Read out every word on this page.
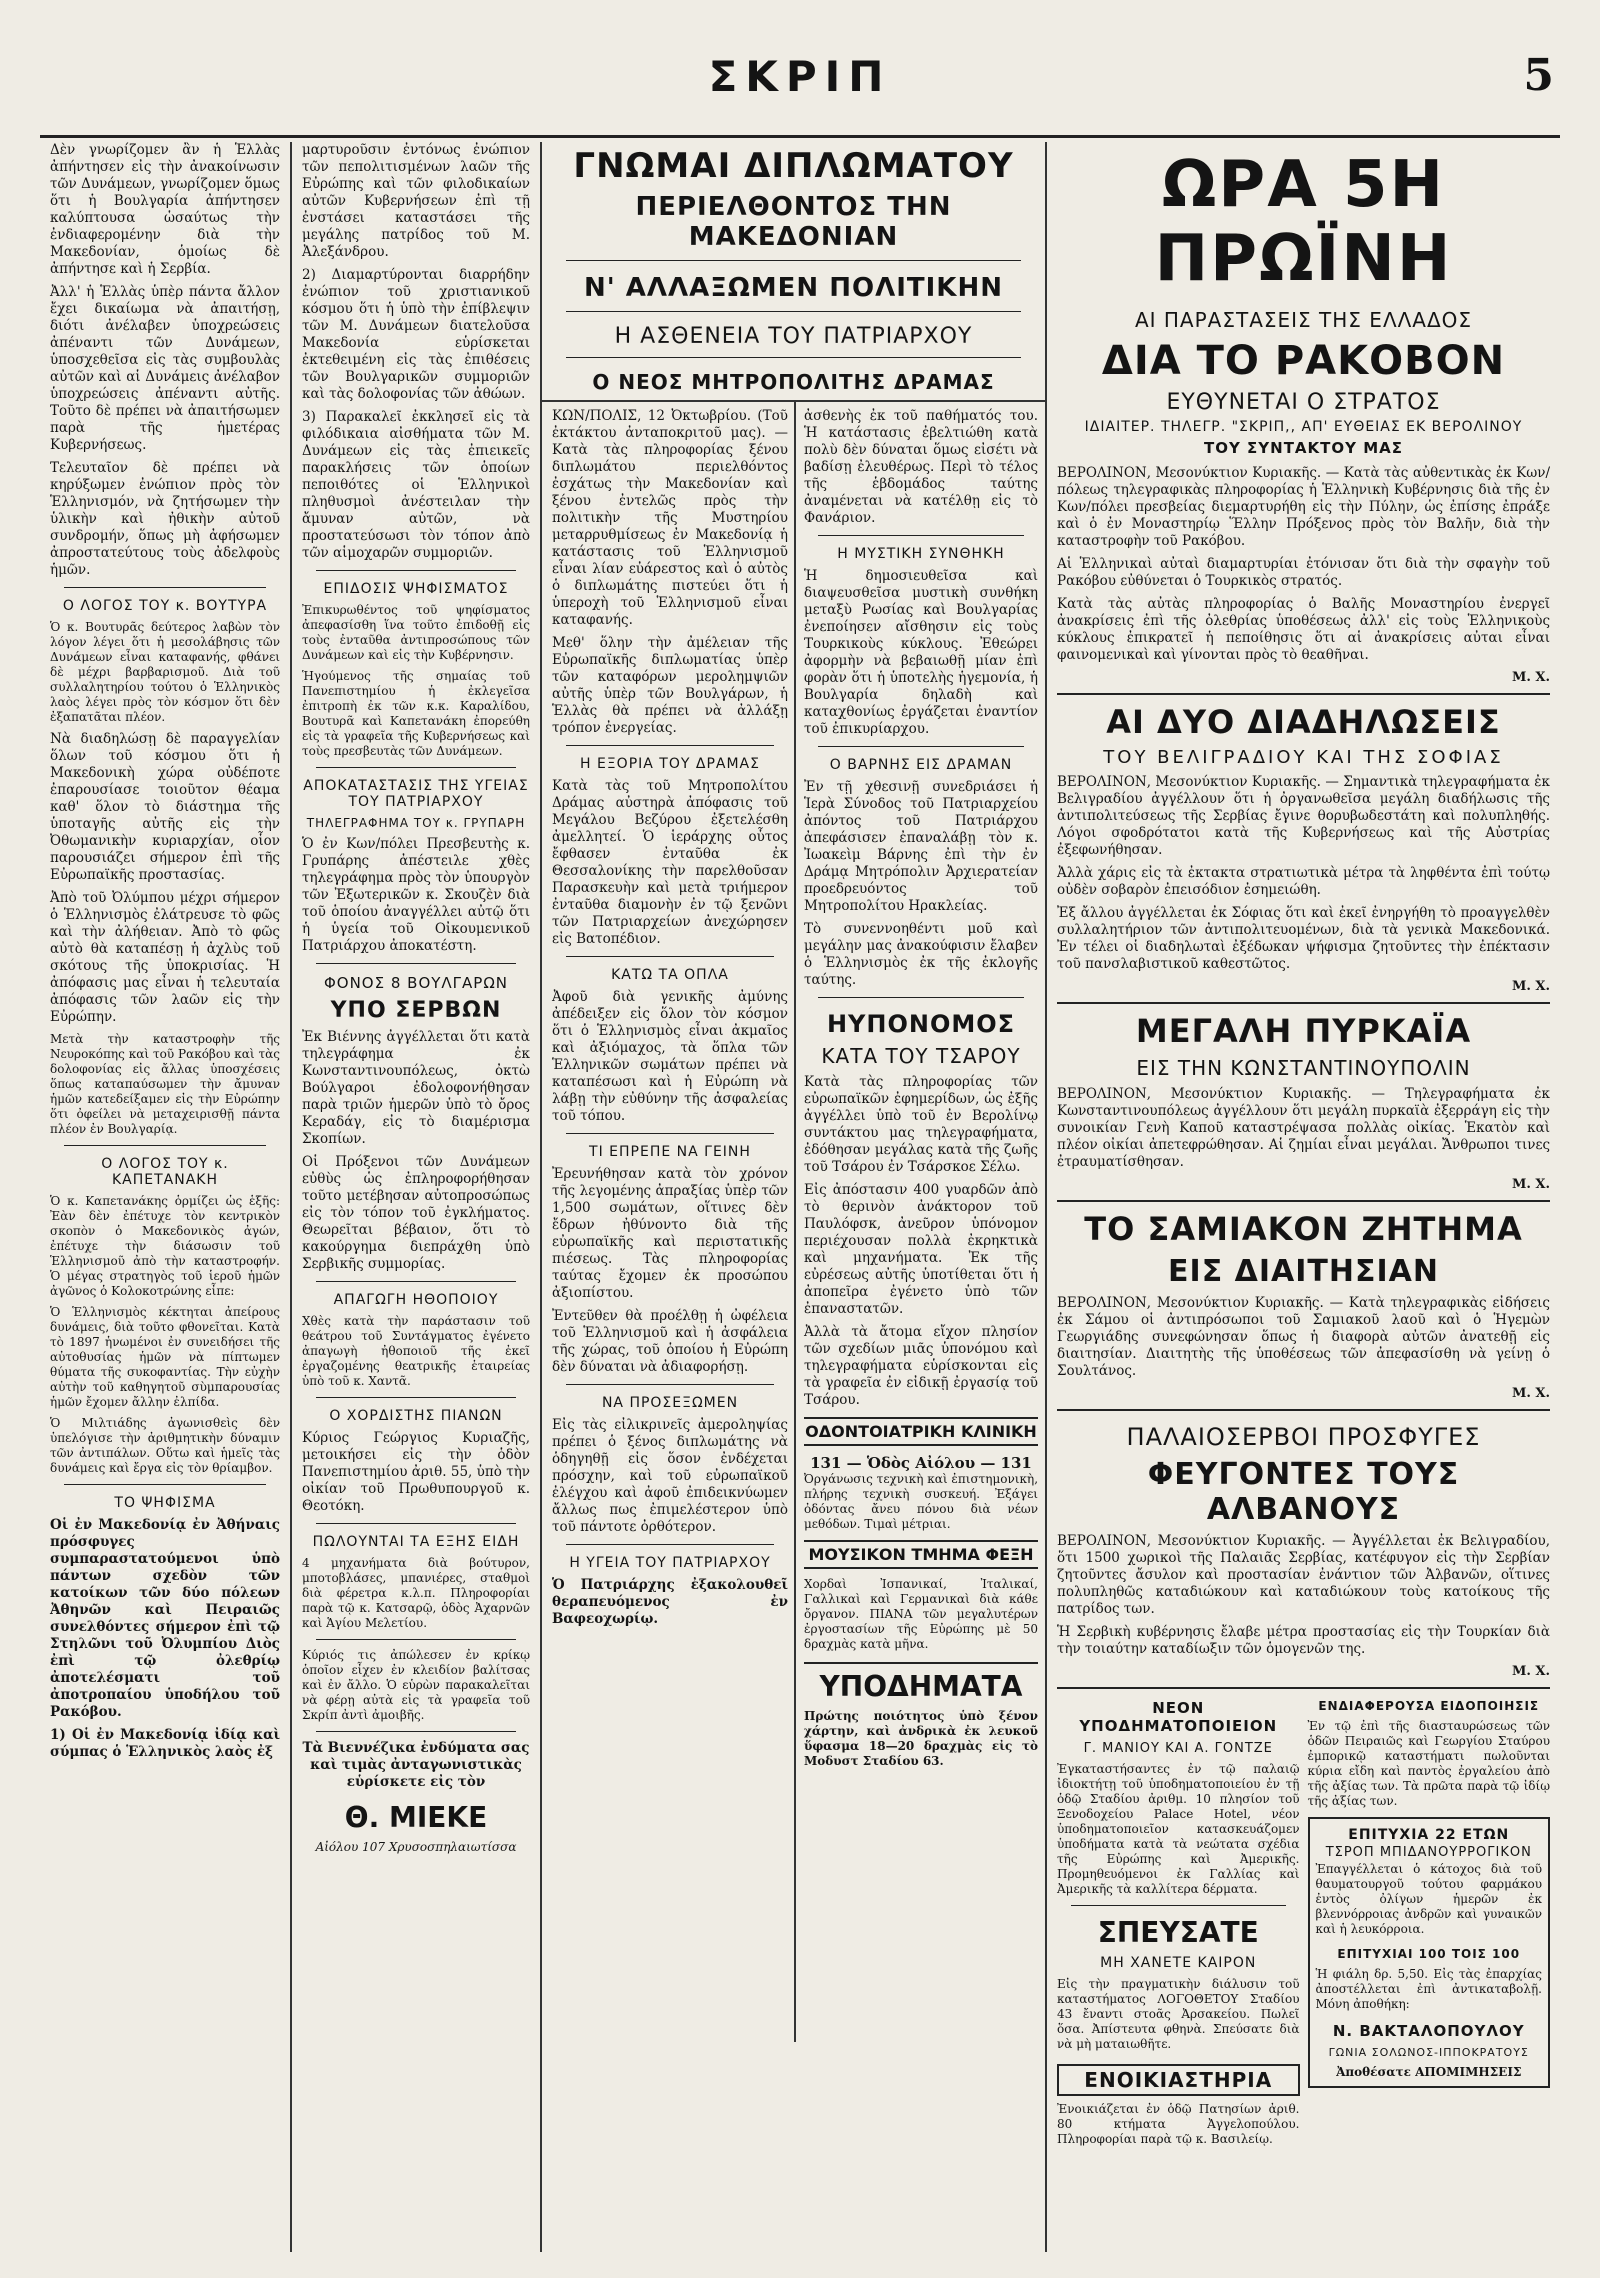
ΣΚΡΙΠ	5

Δὲν γνωρίζομεν ἂν ἡ Ἑλλὰς ἀπήντησεν εἰς τὴν ἀνακοίνωσιν τῶν Δυνάμεων, γνωρίζομεν ὅμως ὅτι ἡ Βουλγαρία ἀπήντησεν καλύπτουσα ὡσαύτως τὴν ἐνδιαφερομένην διὰ τὴν Μακεδονίαν, ὁμοίως δὲ ἀπήντησε καὶ ἡ Σερβία.

Ἀλλ' ἡ Ἑλλὰς ὑπὲρ πάντα ἄλλον ἔχει δικαίωμα νὰ ἀπαιτήσῃ, διότι ἀνέλαβεν ὑποχρεώσεις ἀπέναντι τῶν Δυνάμεων, ὑποσχεθεῖσα εἰς τὰς συμβουλὰς αὐτῶν καὶ αἱ Δυνάμεις ἀνέλαβον ὑποχρεώσεις ἀπέναντι αὐτῆς. Τοῦτο δὲ πρέπει νὰ ἀπαιτήσωμεν παρὰ τῆς ἡμετέρας Κυβερνήσεως.

Τελευταῖον δὲ πρέπει νὰ κηρύξωμεν ἐνώπιον πρὸς τὸν Ἑλληνισμόν, νὰ ζητήσωμεν τὴν ὑλικὴν καὶ ἠθικὴν αὐτοῦ συνδρομήν, ὅπως μὴ ἀφήσωμεν ἀπροστατεύτους τοὺς ἀδελφοὺς ἡμῶν.

Ο ΛΟΓΟΣ ΤΟΥ κ. ΒΟΥΤΥΡΑ

Ὁ κ. Βουτυρᾶς δεύτερος λαβὼν τὸν λόγον λέγει ὅτι ἡ μεσολάβησις τῶν Δυνάμεων εἶναι καταφανής, φθάνει δὲ μέχρι βαρβαρισμοῦ. Διὰ τοῦ συλλαλητηρίου τούτου ὁ Ἑλληνικὸς λαὸς λέγει πρὸς τὸν κόσμον ὅτι δὲν ἐξαπατᾶται πλέον.

Νὰ διαδηλώσῃ δὲ παραγγελίαν ὅλων τοῦ κόσμου ὅτι ἡ Μακεδονικὴ χώρα οὐδέποτε ἐπαρουσίασε τοιοῦτον θέαμα καθ' ὅλον τὸ διάστημα τῆς ὑποταγῆς αὐτῆς εἰς τὴν Ὀθωμανικὴν κυριαρχίαν, οἷον παρουσιάζει σήμερον ἐπὶ τῆς Εὐρωπαϊκῆς προστασίας.

Ἀπὸ τοῦ Ὀλύμπου μέχρι σήμερον ὁ Ἑλληνισμὸς ἐλάτρευσε τὸ φῶς καὶ τὴν ἀλήθειαν. Ἀπὸ τὸ φῶς αὐτὸ θὰ καταπέσῃ ἡ ἀχλὺς τοῦ σκότους τῆς ὑποκρισίας. Ἡ ἀπόφασις μας εἶναι ἡ τελευταία ἀπόφασις τῶν λαῶν εἰς τὴν Εὐρώπην.

Μετὰ τὴν καταστροφὴν τῆς Νευροκόπης καὶ τοῦ Ρακόβου καὶ τὰς δολοφονίας εἰς ἄλλας ὑποσχέσεις ὅπως καταπαύσωμεν τὴν ἄμυναν ἡμῶν κατεδείξαμεν εἰς τὴν Εὐρώπην ὅτι ὀφείλει νὰ μεταχειρισθῇ πάντα πλέον ἐν Βουλγαρίᾳ.

Ο ΛΟΓΟΣ ΤΟΥ κ. ΚΑΠΕΤΑΝΑΚΗ

Ὁ κ. Καπετανάκης ὁρμίζει ὡς ἑξῆς: Ἐὰν δὲν ἐπέτυχε τὸν κεντρικὸν σκοπὸν ὁ Μακεδονικὸς ἀγών, ἐπέτυχε τὴν διάσωσιν τοῦ Ἑλληνισμοῦ ἀπὸ τὴν καταστροφήν. Ὁ μέγας στρατηγὸς τοῦ ἱεροῦ ἡμῶν ἀγῶνος ὁ Κολοκοτρώνης εἶπε:

Ὁ Ἑλληνισμὸς κέκτηται ἀπείρους δυνάμεις, διὰ τοῦτο φθονεῖται. Κατὰ τὸ 1897 ἡνωμένοι ἐν συνειδήσει τῆς αὐτοθυσίας ἡμῶν νὰ πίπτωμεν θύματα τῆς συκοφαντίας. Τὴν εὐχὴν αὐτὴν τοῦ καθηγητοῦ σὺμπαρουσίας ἡμῶν ἔχομεν ἄλλην ἐλπίδα.

Ὁ Μιλτιάδης ἀγωνισθεὶς δὲν ὑπελόγισε τὴν ἀριθμητικὴν δύναμιν τῶν ἀντιπάλων. Οὕτω καὶ ἡμεῖς τὰς δυνάμεις καὶ ἔργα εἰς τὸν θρίαμβον.

ΤΟ ΨΗΦΙΣΜΑ

Οἱ ἐν Μακεδονίᾳ ἐν Ἀθήναις πρόσφυγες συμπαραστατούμενοι ὑπὸ πάντων σχεδὸν τῶν κατοίκων τῶν δύο πόλεων Ἀθηνῶν καὶ Πειραιῶς συνελθόντες σήμερον ἐπὶ τῷ Στηλῶνι τοῦ Ὀλυμπίου Διὸς ἐπὶ τῷ ὀλεθρίῳ ἀποτελέσματι τοῦ ἀποτροπαίου ὑποδήλου τοῦ Ρακόβου.

1) Οἱ ἐν Μακεδονίᾳ ἰδίᾳ καὶ σύμπας ὁ Ἑλληνικὸς λαὸς ἐξ

μαρτυροῦσιν ἐντόνως ἐνώπιον τῶν πεπολιτισμένων λαῶν τῆς Εὐρώπης καὶ τῶν φιλοδικαίων αὐτῶν Κυβερνήσεων ἐπὶ τῇ ἐνστάσει καταστάσει τῆς μεγάλης πατρίδος τοῦ Μ. Ἀλεξάνδρου.

2) Διαμαρτύρονται διαρρήδην ἐνώπιον τοῦ χριστιανικοῦ κόσμου ὅτι ἡ ὑπὸ τὴν ἐπίβλεψιν τῶν Μ. Δυνάμεων διατελοῦσα Μακεδονία εὑρίσκεται ἐκτεθειμένη εἰς τὰς ἐπιθέσεις τῶν Βουλγαρικῶν συμμοριῶν καὶ τὰς δολοφονίας τῶν ἀθώων.

3) Παρακαλεῖ ἐκκλησεῖ εἰς τὰ φιλόδικαια αἰσθήματα τῶν Μ. Δυνάμεων εἰς τὰς ἐπιεικεῖς παρακλήσεις τῶν ὁποίων πεποιθότες οἱ Ἑλληνικοὶ πληθυσμοὶ ἀνέστειλαν τὴν ἄμυναν αὐτῶν, νὰ προστατεύσωσι τὸν τόπον ἀπὸ τῶν αἱμοχαρῶν συμμοριῶν.

ΕΠΙΔΟΣΙΣ ΨΗΦΙΣΜΑΤΟΣ

Ἐπικυρωθέντος τοῦ ψηφίσματος ἀπεφασίσθη ἵνα τοῦτο ἐπιδοθῇ εἰς τοὺς ἐνταῦθα ἀντιπροσώπους τῶν Δυνάμεων καὶ εἰς τὴν Κυβέρνησιν.

Ἡγούμενος τῆς σημαίας τοῦ Πανεπιστημίου ἡ ἐκλεγεῖσα ἐπιτροπὴ ἐκ τῶν κ.κ. Καραλίδου, Βουτυρᾶ καὶ Καπετανάκη ἐπορεύθη εἰς τὰ γραφεῖα τῆς Κυβερνήσεως καὶ τοὺς πρεσβευτὰς τῶν Δυνάμεων.

ΑΠΟΚΑΤΑΣΤΑΣΙΣ ΤΗΣ ΥΓΕΙΑΣ ΤΟΥ ΠΑΤΡΙΑΡΧΟΥ
ΤΗΛΕΓΡΑΦΗΜΑ ΤΟΥ κ. ΓΡΥΠΑΡΗ

Ὁ ἐν Κων/πόλει Πρεσβευτὴς κ. Γρυπάρης ἀπέστειλε χθὲς τηλεγράφημα πρὸς τὸν ὑπουργὸν τῶν Ἐξωτερικῶν κ. Σκουζὲν διὰ τοῦ ὁποίου ἀναγγέλλει αὐτῷ ὅτι ἡ ὑγεία τοῦ Οἰκουμενικοῦ Πατριάρχου ἀποκατέστη.

ΦΟΝΟΣ 8 ΒΟΥΛΓΑΡΩΝ
ΥΠΟ ΣΕΡΒΩΝ

Ἐκ Βιέννης ἀγγέλλεται ὅτι κατὰ τηλεγράφημα ἐκ Κωνσταντινουπόλεως, ὀκτὼ Βούλγαροι ἐδολοφονήθησαν παρὰ τριῶν ἡμερῶν ὑπὸ τὸ ὄρος Κεραδάγ, εἰς τὸ διαμέρισμα Σκοπίων.

Οἱ Πρόξενοι τῶν Δυνάμεων εὐθὺς ὡς ἐπληροφορήθησαν τοῦτο μετέβησαν αὐτοπροσώπως εἰς τὸν τόπον τοῦ ἐγκλήματος. Θεωρεῖται βέβαιον, ὅτι τὸ κακούργημα διεπράχθη ὑπὸ Σερβικῆς συμμορίας.

ΑΠΑΓΩΓΗ ΗΘΟΠΟΙΟΥ

Χθὲς κατὰ τὴν παράστασιν τοῦ θεάτρου τοῦ Συντάγματος ἐγένετο ἀπαγωγὴ ἠθοποιοῦ τῆς ἐκεῖ ἐργαζομένης θεατρικῆς ἑταιρείας ὑπὸ τοῦ κ. Χαντᾶ.

Ο ΧΟΡΔΙΣΤΗΣ ΠΙΑΝΩΝ

Κύριος Γεώργιος Κυριαζῆς, μετοικήσει εἰς τὴν ὁδὸν Πανεπιστημίου ἀριθ. 55, ὑπὸ τὴν οἰκίαν τοῦ Πρωθυπουργοῦ κ. Θεοτόκη.

ΠΩΛΟΥΝΤΑΙ ΤΑ ΕΞΗΣ ΕΙΔΗ

4 μηχανήματα διὰ βούτυρον, μποτοβλάσες, μπανιέρες, σταθμοὶ διὰ φέρετρα κ.λ.π. Πληροφορίαι παρὰ τῷ κ. Κατσαρῷ, ὁδὸς Ἀχαρνῶν καὶ Ἁγίου Μελετίου.

Κύριός τις ἀπώλεσεν ἐν κρίκῳ ὁποῖον εἶχεν ἐν κλειδίον βαλίτσας καὶ ἐν ἄλλο. Ὁ εὑρὼν παρακαλεῖται νὰ φέρῃ αὐτὰ εἰς τὰ γραφεῖα τοῦ Σκρίπ ἀντὶ ἀμοιβῆς.

Τὰ Βιεννέζικα ἐνδύματα σας καὶ τιμὰς ἀνταγωνιστικὰς εὑρίσκετε εἰς τὸν

Θ. ΜΙΕΚΕ
Αἰόλου 107 Χρυσοσπηλαιωτίσσα
ΓΝΩΜΑΙ ΔΙΠΛΩΜΑΤΟΥ
ΠΕΡΙΕΛΘΟΝΤΟΣ ΤΗΝ ΜΑΚΕΔΟΝΙΑΝ
Ν' ΑΛΛΑΞΩΜΕΝ ΠΟΛΙΤΙΚΗΝ
Η ΑΣΘΕΝΕΙΑ ΤΟΥ ΠΑΤΡΙΑΡΧΟΥ
Ο ΝΕΟΣ ΜΗΤΡΟΠΟΛΙΤΗΣ ΔΡΑΜΑΣ

ΚΩΝ/ΠΟΛΙΣ, 12 Ὀκτωβρίου. (Τοῦ ἐκτάκτου ἀνταποκριτοῦ μας). — Κατὰ τὰς πληροφορίας ξένου διπλωμάτου περιελθόντος ἐσχάτως τὴν Μακεδονίαν καὶ ξένου ἐντελῶς πρὸς τὴν πολιτικὴν τῆς Μυστηρίου μεταρρυθμίσεως ἐν Μακεδονίᾳ ἡ κατάστασις τοῦ Ἑλληνισμοῦ εἶναι λίαν εὐάρεστος καὶ ὁ αὐτὸς ὁ διπλωμάτης πιστεύει ὅτι ἡ ὑπεροχὴ τοῦ Ἑλληνισμοῦ εἶναι καταφανής.

Μεθ' ὅλην τὴν ἀμέλειαν τῆς Εὐρωπαϊκῆς διπλωματίας ὑπὲρ τῶν καταφόρων μερολημψιῶν αὐτῆς ὑπὲρ τῶν Βουλγάρων, ἡ Ἑλλὰς θὰ πρέπει νὰ ἀλλάξῃ τρόπον ἐνεργείας.

Η ΕΞΟΡΙΑ ΤΟΥ ΔΡΑΜΑΣ

Κατὰ τὰς τοῦ Μητροπολίτου Δράμας αὐστηρὰ ἀπόφασις τοῦ Μεγάλου Βεζύρου ἐξετελέσθη ἀμελλητεί. Ὁ ἱεράρχης οὗτος ἔφθασεν ἐνταῦθα ἐκ Θεσσαλονίκης τὴν παρελθοῦσαν Παρασκευὴν καὶ μετὰ τριήμερον ἐνταῦθα διαμονὴν ἐν τῷ ξενῶνι τῶν Πατριαρχείων ἀνεχώρησεν εἰς Βατοπέδιον.

ΚΑΤΩ ΤΑ ΟΠΛΑ

Ἀφοῦ διὰ γενικῆς ἀμύνης ἀπέδειξεν εἰς ὅλον τὸν κόσμον ὅτι ὁ Ἑλληνισμὸς εἶναι ἀκμαῖος καὶ ἀξιόμαχος, τὰ ὅπλα τῶν Ἑλληνικῶν σωμάτων πρέπει νὰ καταπέσωσι καὶ ἡ Εὐρώπη νὰ λάβῃ τὴν εὐθύνην τῆς ἀσφαλείας τοῦ τόπου.

ΤΙ ΕΠΡΕΠΕ ΝΑ ΓΕΙΝΗ

Ἐρευνήθησαν κατὰ τὸν χρόνον τῆς λεγομένης ἀπραξίας ὑπὲρ τῶν 1,500 σωμάτων, οἵτινες δὲν ἔδρων ἠθύνοντο διὰ τῆς εὐρωπαϊκῆς καὶ περιστατικῆς πιέσεως. Τὰς πληροφορίας ταύτας ἔχομεν ἐκ προσώπου ἀξιοπίστου.

Ἐντεῦθεν θὰ προέλθῃ ἡ ὠφέλεια τοῦ Ἑλληνισμοῦ καὶ ἡ ἀσφάλεια τῆς χώρας, τοῦ ὁποίου ἡ Εὐρώπη δὲν δύναται νὰ ἀδιαφορήσῃ.

ΝΑ ΠΡΟΣΕΞΩΜΕΝ

Εἰς τὰς εἰλικρινεῖς ἀμεροληψίας πρέπει ὁ ξένος διπλωμάτης νὰ ὁδηγηθῇ εἰς ὅσον ἐνδέχεται πρόσχην, καὶ τοῦ εὐρωπαϊκοῦ ἐλέγχου καὶ ἀφοῦ ἐπιδεικνύωμεν ἄλλως πως ἐπιμελέστερον ὑπὸ τοῦ πάντοτε ὀρθότερον.

Η ΥΓΕΙΑ ΤΟΥ ΠΑΤΡΙΑΡΧΟΥ

Ὁ Πατριάρχης ἐξακολουθεῖ θεραπευόμενος ἐν Βαφεοχωρίῳ.

ἀσθενὴς ἐκ τοῦ παθήματός του. Ἡ κατάστασις ἐβελτιώθη κατὰ πολὺ δὲν δύναται ὅμως εἰσέτι νὰ βαδίσῃ ἐλευθέρως. Περὶ τὸ τέλος τῆς ἑβδομάδος ταύτης ἀναμένεται νὰ κατέλθῃ εἰς τὸ Φανάριον.

Η ΜΥΣΤΙΚΗ ΣΥΝΘΗΚΗ

Ἡ δημοσιευθεῖσα καὶ διαψευσθεῖσα μυστικὴ συνθήκη μεταξὺ Ρωσίας καὶ Βουλγαρίας ἐνεποίησεν αἴσθησιν εἰς τοὺς Τουρκικοὺς κύκλους. Ἐθεώρει ἀφορμὴν νὰ βεβαιωθῇ μίαν ἐπὶ φορὰν ὅτι ἡ ὑποτελὴς ἡγεμονία, ἡ Βουλγαρία δηλαδὴ καὶ καταχθονίως ἐργάζεται ἐναντίον τοῦ ἐπικυρίαρχου.

Ο ΒΑΡΝΗΣ ΕΙΣ ΔΡΑΜΑΝ

Ἐν τῇ χθεσινῇ συνεδριάσει ἡ Ἱερὰ Σύνοδος τοῦ Πατριαρχείου ἀπόντος τοῦ Πατριάρχου ἀπεφάσισεν ἐπαναλάβῃ τὸν κ. Ἰωακεὶμ Βάρνης ἐπὶ τὴν ἐν Δράμᾳ Μητρόπολιν Ἀρχιερατείαν προεδρευόντος τοῦ Μητροπολίτου Ηρακλείας.

Τὸ συνεννοηθέντι μοῦ καὶ μεγάλην μας ἀνακούφισιν ἔλαβεν ὁ Ἑλληνισμὸς ἐκ τῆς ἐκλογῆς ταύτης.

ΗΥΠΟΝΟΜΟΣ
ΚΑΤΑ ΤΟΥ ΤΣΑΡΟΥ

Κατὰ τὰς πληροφορίας τῶν εὐρωπαϊκῶν ἐφημερίδων, ὡς ἐξῆς ἀγγέλλει ὑπὸ τοῦ ἐν Βερολίνῳ συντάκτου μας τηλεγραφήματα, ἐδόθησαν μεγάλας κατὰ τῆς ζωῆς τοῦ Τσάρου ἐν Τσάρσκοε Σέλω.

Εἰς ἀπόστασιν 400 γυαρδῶν ἀπὸ τὸ θερινὸν ἀνάκτορον τοῦ Παυλόφσκ, ἀνεῦρον ὑπόνομον περιέχουσαν πολλὰ ἐκρηκτικὰ καὶ μηχανήματα. Ἐκ τῆς εὐρέσεως αὐτῆς ὑποτίθεται ὅτι ἡ ἀποπεῖρα ἐγένετο ὑπὸ τῶν ἐπαναστατῶν.

Ἀλλὰ τὰ ἄτομα εἴχον πλησίον τῶν σχεδίων μιᾶς ὑπονόμου καὶ τηλεγραφήματα εὑρίσκονται εἰς τὰ γραφεῖα ἐν εἰδικῇ ἐργασίᾳ τοῦ Τσάρου.

ΟΔΟΝΤΟΙΑΤΡΙΚΗ ΚΛΙΝΙΚΗ
131 — Ὁδὸς Αἰόλου — 131

Ὀργάνωσις τεχνικὴ καὶ ἐπιστημονικὴ, πλήρης τεχνικὴ συσκευή. Ἐξάγει ὀδόντας ἄνευ πόνου διὰ νέων μεθόδων. Τιμαὶ μέτριαι.

ΜΟΥΣΙΚΟΝ ΤΜΗΜΑ ΦΕΞΗ

Χορδαὶ Ἰσπανικαί, Ἰταλικαί, Γαλλικαὶ καὶ Γερμανικαὶ διὰ κάθε ὄργανον. ΠΙΑΝΑ τῶν μεγαλυτέρων ἐργοστασίων τῆς Εὐρώπης μὲ 50 δραχμὰς κατὰ μῆνα.

ΥΠΟΔΗΜΑΤΑ

Πρώτης ποιότητος ὑπὸ ξένον χάρτην, καὶ ἀνδρικὰ ἐκ λευκοῦ ὕφασμα 18—20 δραχμὰς εἰς τὸ Μοδυστ Σταδίου 63.

ΩΡΑ 5Η ΠΡΩΪΝΗ
ΑΙ ΠΑΡΑΣΤΑΣΕΙΣ ΤΗΣ ΕΛΛΑΔΟΣ
ΔΙΑ ΤΟ ΡΑΚΟΒΟΝ
ΕΥΘΥΝΕΤΑΙ Ο ΣΤΡΑΤΟΣ
ΙΔΙΑΙΤΕΡ. ΤΗΛΕΓΡ. "ΣΚΡΙΠ,, ΑΠ' ΕΥΘΕΙΑΣ ΕΚ ΒΕΡΟΛΙΝΟΥ
ΤΟΥ ΣΥΝΤΑΚΤΟΥ ΜΑΣ

ΒΕΡΟΛΙΝΟΝ, Μεσονύκτιον Κυριακῆς. — Κατὰ τὰς αὐθεντικὰς ἐκ Κων/πόλεως τηλεγραφικὰς πληροφορίας ἡ Ἑλληνικὴ Κυβέρνησις διὰ τῆς ἐν Κων/πόλει πρεσβείας διεμαρτυρήθη εἰς τὴν Πύλην, ὡς ἐπίσης ἐπράξε καὶ ὁ ἐν Μοναστηρίῳ Ἕλλην Πρόξενος πρὸς τὸν Βαλῆν, διὰ τὴν καταστροφὴν τοῦ Ρακόβου.

Αἱ Ἑλληνικαὶ αὐταὶ διαμαρτυρίαι ἐτόνισαν ὅτι διὰ τὴν σφαγὴν τοῦ Ρακόβου εὐθύνεται ὁ Τουρκικὸς στρατός.

Κατὰ τὰς αὐτὰς πληροφορίας ὁ Βαλῆς Μοναστηρίου ἐνεργεῖ ἀνακρίσεις ἐπὶ τῆς ὀλεθρίας ὑποθέσεως ἀλλ' εἰς τοὺς Ἑλληνικοὺς κύκλους ἐπικρατεῖ ἡ πεποίθησις ὅτι αἱ ἀνακρίσεις αὐται εἶναι φαινομενικαὶ καὶ γίνονται πρὸς τὸ θεαθῆναι.

Μ. Χ.
ΑΙ ΔΥΟ ΔΙΑΔΗΛΩΣΕΙΣ
ΤΟΥ ΒΕΛΙΓΡΑΔΙΟΥ ΚΑΙ ΤΗΣ ΣΟΦΙΑΣ

ΒΕΡΟΛΙΝΟΝ, Μεσονύκτιον Κυριακῆς. — Σημαντικὰ τηλεγραφήματα ἐκ Βελιγραδίου ἀγγέλλουν ὅτι ἡ ὀργανωθεῖσα μεγάλη διαδήλωσις τῆς ἀντιπολιτεύσεως τῆς Σερβίας ἔγινε θορυβωδεστάτη καὶ πολυπληθής. Λόγοι σφοδρότατοι κατὰ τῆς Κυβερνήσεως καὶ τῆς Αὐστρίας ἐξεφωνήθησαν.

Ἀλλὰ χάρις εἰς τὰ ἐκτακτα στρατιωτικὰ μέτρα τὰ ληφθέντα ἐπὶ τούτῳ οὐδὲν σοβαρὸν ἐπεισόδιον ἐσημειώθη.

Ἐξ ἄλλου ἀγγέλλεται ἐκ Σόφιας ὅτι καὶ ἐκεῖ ἐνηργήθη τὸ προαγγελθὲν συλλαλητήριον τῶν ἀντιπολιτευομένων, διὰ τὰ γενικὰ Μακεδονικά. Ἐν τέλει οἱ διαδηλωταὶ ἐξέδωκαν ψήφισμα ζητοῦντες τὴν ἐπέκτασιν τοῦ πανσλαβιστικοῦ καθεστῶτος.

Μ. Χ.
ΜΕΓΑΛΗ ΠΥΡΚΑΪΑ
ΕΙΣ ΤΗΝ ΚΩΝΣΤΑΝΤΙΝΟΥΠΟΛΙΝ

ΒΕΡΟΛΙΝΟΝ, Μεσονύκτιον Κυριακῆς. — Τηλεγραφήματα ἐκ Κωνσταντινουπόλεως ἀγγέλλουν ὅτι μεγάλη πυρκαϊὰ ἐξερράγη εἰς τὴν συνοικίαν Γενὴ Καποῦ καταστρέψασα πολλὰς οἰκίας. Ἑκατὸν καὶ πλέον οἰκίαι ἀπετεφρώθησαν. Αἱ ζημίαι εἶναι μεγάλαι. Ἄνθρωποι τινες ἐτραυματίσθησαν.

Μ. Χ.
ΤΟ ΣΑΜΙΑΚΟΝ ΖΗΤΗΜΑ
ΕΙΣ ΔΙΑΙΤΗΣΙΑΝ

ΒΕΡΟΛΙΝΟΝ, Μεσονύκτιον Κυριακῆς. — Κατὰ τηλεγραφικὰς εἰδήσεις ἐκ Σάμου οἱ ἀντιπρόσωποι τοῦ Σαμιακοῦ λαοῦ καὶ ὁ Ἡγεμὼν Γεωργιάδης συνεφώνησαν ὅπως ἡ διαφορὰ αὐτῶν ἀνατεθῇ εἰς διαιτησίαν. Διαιτητὴς τῆς ὑποθέσεως τῶν ἀπεφασίσθη νὰ γείνῃ ὁ Σουλτάνος.

Μ. Χ.
ΠΑΛΑΙΟΣΕΡΒΟΙ ΠΡΟΣΦΥΓΕΣ
ΦΕΥΓΟΝΤΕΣ ΤΟΥΣ ΑΛΒΑΝΟΥΣ

ΒΕΡΟΛΙΝΟΝ, Μεσονύκτιον Κυριακῆς. — Ἀγγέλλεται ἐκ Βελιγραδίου, ὅτι 1500 χωρικοὶ τῆς Παλαιᾶς Σερβίας, κατέφυγον εἰς τὴν Σερβίαν ζητοῦντες ἄσυλον καὶ προστασίαν ἐνάντιον τῶν Ἀλβανῶν, οἵτινες πολυπληθῶς καταδιώκουν καὶ καταδιώκουν τοὺς κατοίκους τῆς πατρίδος των.

Ἡ Σερβικὴ κυβέρνησις ἔλαβε μέτρα προστασίας εἰς τὴν Τουρκίαν διὰ τὴν τοιαύτην καταδίωξιν τῶν ὁμογενῶν της.

Μ. Χ.
ΝΕΟΝ ΥΠΟΔΗΜΑΤΟΠΟΙΕΙΟΝ
Γ. ΜΑΝΙΟΥ ΚΑΙ Α. ΓΟΝΤΖΕ

Ἐγκαταστήσαντες ἐν τῷ παλαιῷ ἰδιοκτήτῃ τοῦ ὑποδηματοποιείου ἐν τῇ ὁδῷ Σταδίου ἀριθμ. 10 πλησίον τοῦ Ξενοδοχείου Palace Hotel, νέον ὑποδηματοποιεῖον κατασκευάζομεν ὑποδήματα κατὰ τὰ νεώτατα σχέδια τῆς Εὐρώπης καὶ Ἀμερικῆς. Προμηθευόμενοι ἐκ Γαλλίας καὶ Ἀμερικῆς τὰ καλλίτερα δέρματα.

ΣΠΕΥΣΑΤΕ
ΜΗ ΧΑΝΕΤΕ ΚΑΙΡΟΝ

Εἰς τὴν πραγματικὴν διάλυσιν τοῦ καταστήματος ΛΟΓΟΘΕΤΟΥ Σταδίου 43 ἔναντι στοᾶς Ἀρσακείου. Πωλεῖ ὅσα. Ἀπίστευτα φθηνὰ. Σπεύσατε διὰ νὰ μὴ ματαιωθῆτε.

ΕΝΟΙΚΙΑΣΤΗΡΙΑ

Ἐνοικιάζεται ἐν ὁδῷ Πατησίων ἀριθ. 80 κτήματα Ἀγγελοπούλου. Πληροφορίαι παρὰ τῷ κ. Βασιλείῳ.

ΕΝΔΙΑΦΕΡΟΥΣΑ ΕΙΔΟΠΟΙΗΣΙΣ

Ἐν τῷ ἐπὶ τῆς διασταυρώσεως τῶν ὁδῶν Πειραιῶς καὶ Γεωργίου Σταύρου ἐμπορικῷ καταστήματι πωλοῦνται κύρια εἴδη καὶ παντὸς ἐργαλείου ἀπὸ τῆς ἀξίας των. Τὰ πρῶτα παρὰ τῷ ἰδίῳ τῆς ἀξίας των.

ΕΠΙΤΥΧΙΑ 22 ΕΤΩΝ
ΤΣΡΟΠ ΜΠΙΔΑΝΟΥΡΡΟΓΙΚΟΝ

Ἐπαγγέλλεται ὁ κάτοχος διὰ τοῦ θαυματουργοῦ τούτου φαρμάκου ἐντὸς ὀλίγων ἡμερῶν ἐκ βλεννόρροιας ἀνδρῶν καὶ γυναικῶν καὶ ἡ λευκόρροια.

ΕΠΙΤΥΧΙΑΙ 100 ΤΟΙΣ 100

Ἡ φιάλη δρ. 5,50. Εἰς τὰς ἐπαρχίας ἀποστέλλεται ἐπὶ ἀντικαταβολῇ. Μόνη ἀποθήκη:

Ν. ΒΑΚΤΑΛΟΠΟΥΛΟΥ
ΓΩΝΙΑ ΣΟΛΩΝΟΣ-ΙΠΠΟΚΡΑΤΟΥΣ
Ἀποθέσατε ΑΠΟΜΙΜΗΣΕΙΣ
